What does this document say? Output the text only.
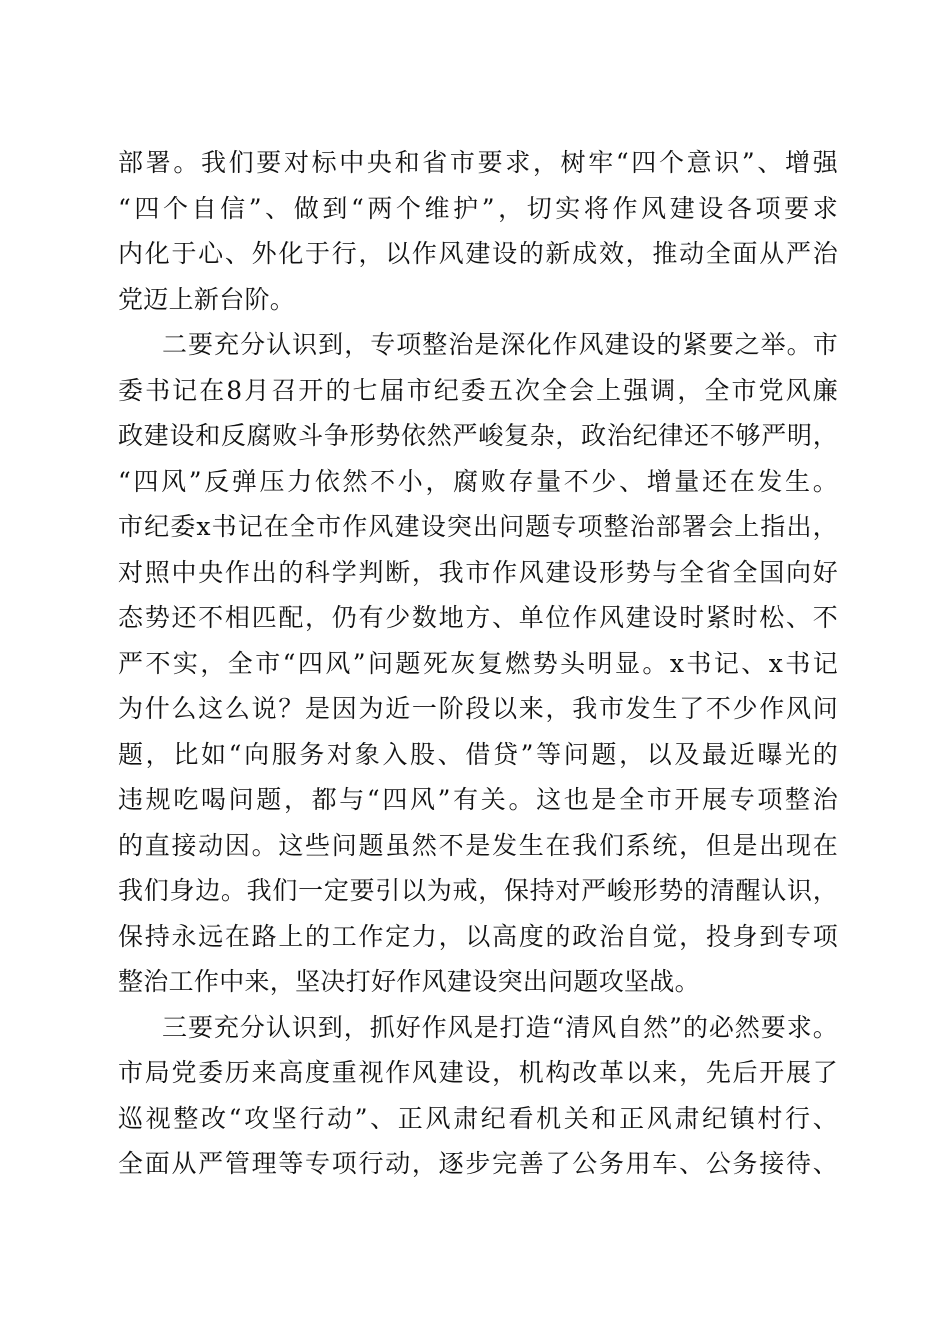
部署。我们要对标中央和省市要求，树牢“四个意识”、增强
“四个自信”、做到“两个维护”，切实将作风建设各项要求
内化于心、外化于行，以作风建设的新成效，推动全面从严治
党迈上新台阶。
二要充分认识到，专项整治是深化作风建设的紧要之举。市
委书记在8月召开的七届市纪委五次全会上强调，全市党风廉
政建设和反腐败斗争形势依然严峻复杂，政治纪律还不够严明，
“四风”反弹压力依然不小，腐败存量不少、增量还在发生。
市纪委x书记在全市作风建设突出问题专项整治部署会上指出，
对照中央作出的科学判断，我市作风建设形势与全省全国向好
态势还不相匹配，仍有少数地方、单位作风建设时紧时松、不
严不实，全市“四风”问题死灰复燃势头明显。x书记、x书记
为什么这么说？是因为近一阶段以来，我市发生了不少作风问
题，比如“向服务对象入股、借贷”等问题，以及最近曝光的
违规吃喝问题，都与“四风”有关。这也是全市开展专项整治
的直接动因。这些问题虽然不是发生在我们系统，但是出现在
我们身边。我们一定要引以为戒，保持对严峻形势的清醒认识，
保持永远在路上的工作定力，以高度的政治自觉，投身到专项
整治工作中来，坚决打好作风建设突出问题攻坚战。
三要充分认识到，抓好作风是打造“清风自然”的必然要求。
市局党委历来高度重视作风建设，机构改革以来，先后开展了
巡视整改“攻坚行动”、正风肃纪看机关和正风肃纪镇村行、
全面从严管理等专项行动，逐步完善了公务用车、公务接待、
